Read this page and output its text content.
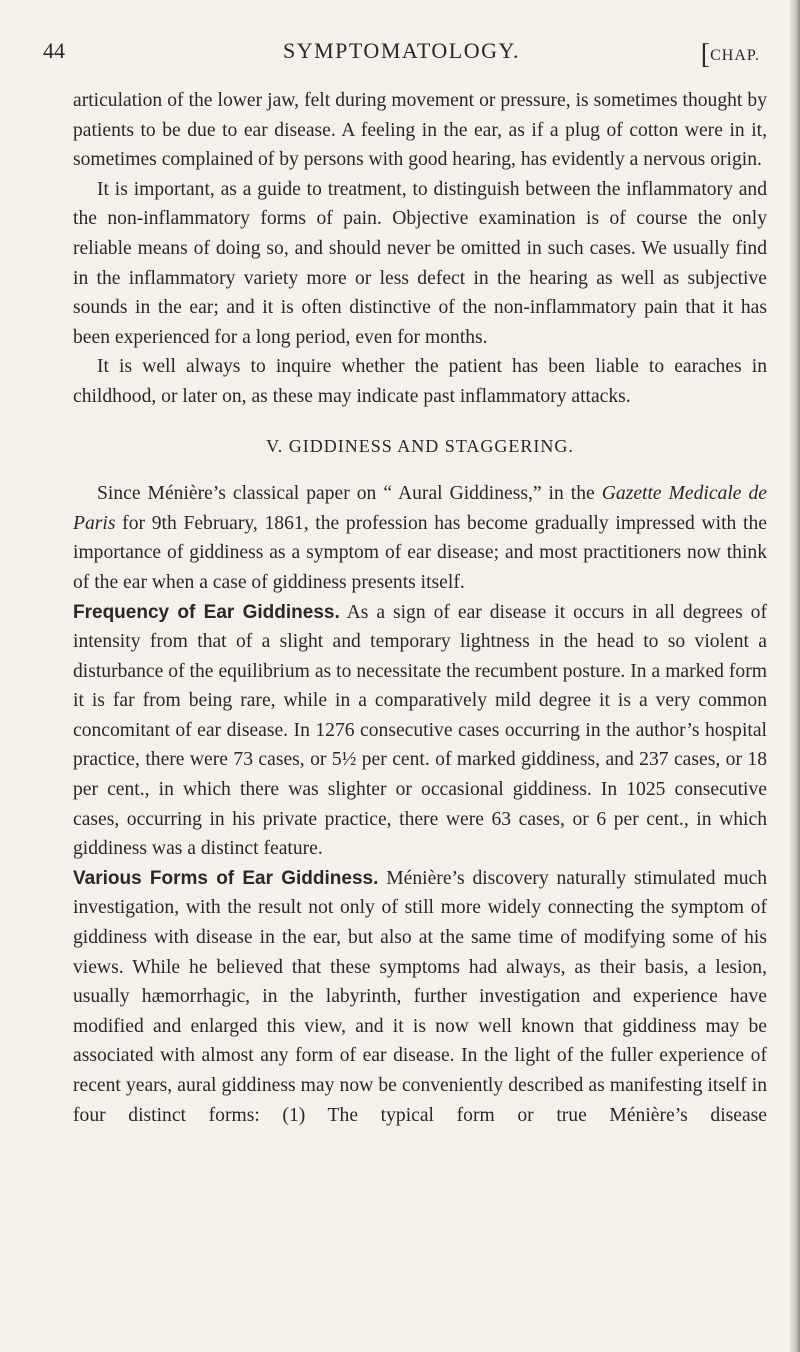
44	SYMPTOMATOLOGY.	[CHAP.

articulation of the lower jaw, felt during movement or pressure, is sometimes thought by patients to be due to ear disease. A feeling in the ear, as if a plug of cotton were in it, sometimes complained of by persons with good hearing, has evidently a nervous origin.

It is important, as a guide to treatment, to distinguish between the inflammatory and the non-inflammatory forms of pain. Objective examination is of course the only reliable means of doing so, and should never be omitted in such cases. We usually find in the inflammatory variety more or less defect in the hearing as well as subjective sounds in the ear; and it is often distinctive of the non-inflammatory pain that it has been experienced for a long period, even for months.

It is well always to inquire whether the patient has been liable to earaches in childhood, or later on, as these may indicate past inflammatory attacks.

V. GIDDINESS AND STAGGERING.

Since Ménière’s classical paper on “ Aural Giddiness,” in the Gazette Medicale de Paris for 9th February, 1861, the profession has become gradually impressed with the importance of giddiness as a symptom of ear disease; and most practitioners now think of the ear when a case of giddiness presents itself.

Frequency of Ear Giddiness. As a sign of ear disease it occurs in all degrees of intensity from that of a slight and temporary lightness in the head to so violent a disturbance of the equilibrium as to necessitate the recumbent posture. In a marked form it is far from being rare, while in a comparatively mild degree it is a very common concomitant of ear disease. In 1276 consecutive cases occurring in the author’s hospital practice, there were 73 cases, or 5½ per cent. of marked giddiness, and 237 cases, or 18 per cent., in which there was slighter or occasional giddiness. In 1025 consecutive cases, occurring in his private practice, there were 63 cases, or 6 per cent., in which giddiness was a distinct feature.

Various Forms of Ear Giddiness. Ménière’s discovery naturally stimulated much investigation, with the result not only of still more widely connecting the symptom of giddiness with disease in the ear, but also at the same time of modifying some of his views. While he believed that these symptoms had always, as their basis, a lesion, usually hæmorrhagic, in the labyrinth, further investigation and experience have modified and enlarged this view, and it is now well known that giddiness may be associated with almost any form of ear disease. In the light of the fuller experience of recent years, aural giddiness may now be conveniently described as manifesting itself in four distinct forms: (1) The typical form or true Ménière’s disease
